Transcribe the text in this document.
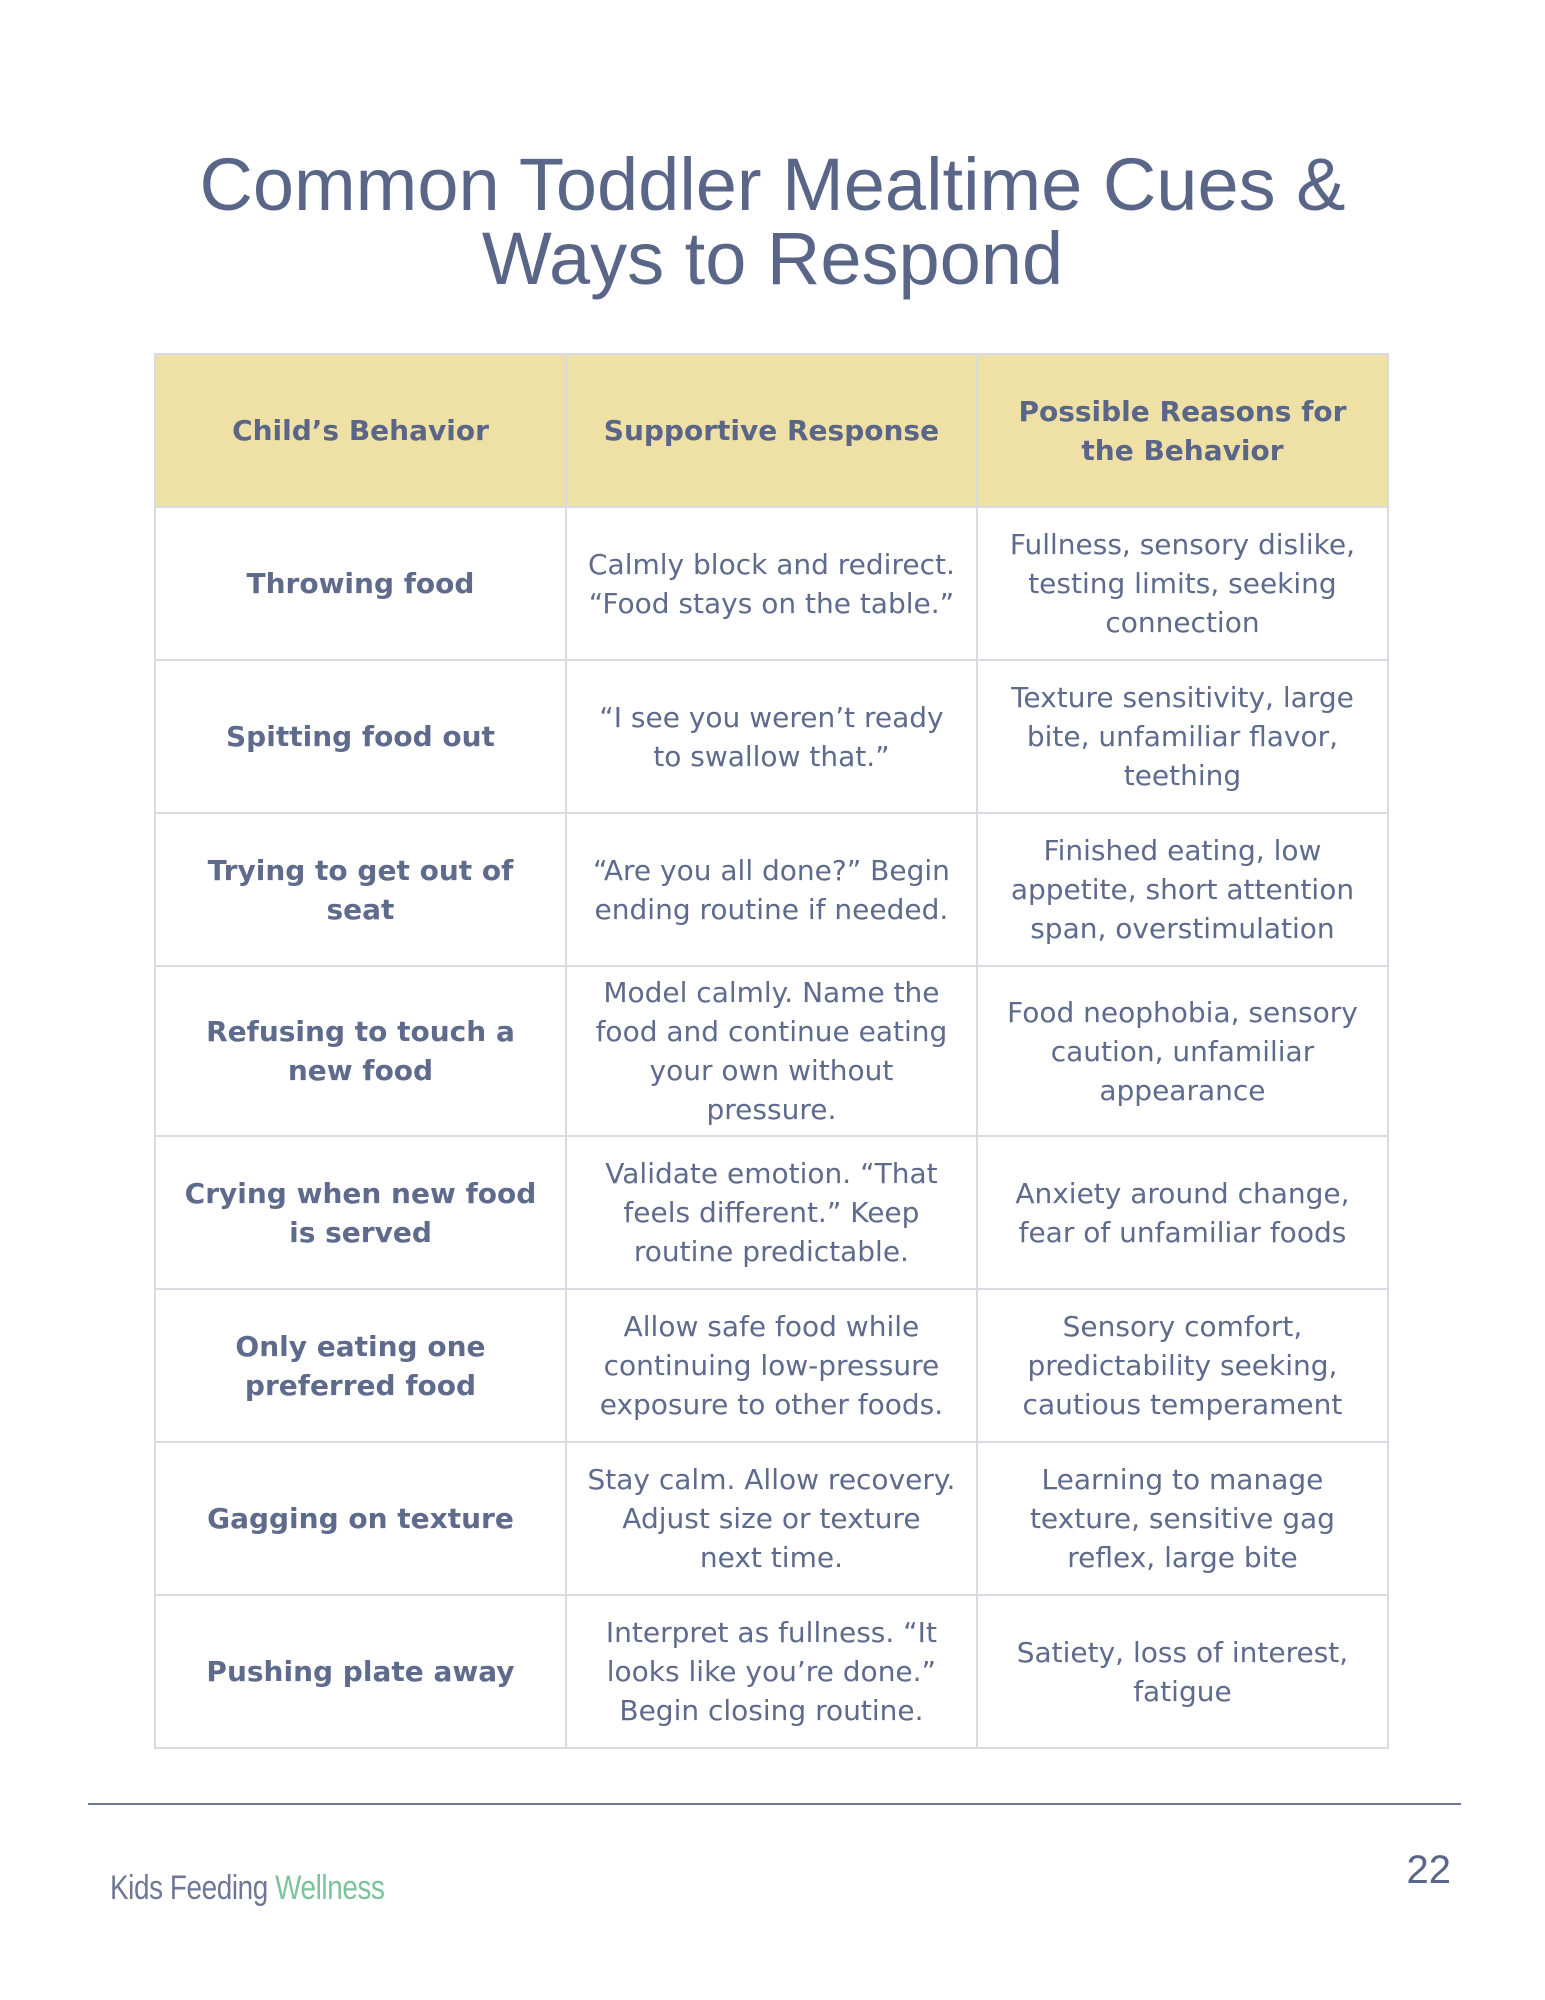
Common Toddler Mealtime Cues &
Ways to Respond
Child’s Behavior	Supportive Response	Possible Reasons for the Behavior
Throwing food	Calmly block and redirect. “Food stays on the table.”	Fullness, sensory dislike, testing limits, seeking connection
Spitting food out	“I see you weren’t ready to swallow that.”	Texture sensitivity, large bite, unfamiliar flavor, teething
Trying to get out of seat	“Are you all done?” Begin ending routine if needed.	Finished eating, low appetite, short attention span, overstimulation
Refusing to touch a new food	Model calmly. Name the food and continue eating your own without pressure.	Food neophobia, sensory caution, unfamiliar appearance
Crying when new food is served	Validate emotion. “That feels different.” Keep routine predictable.	Anxiety around change, fear of unfamiliar foods
Only eating one preferred food	Allow safe food while continuing low-pressure exposure to other foods.	Sensory comfort, predictability seeking, cautious temperament
Gagging on texture	Stay calm. Allow recovery. Adjust size or texture next time.	Learning to manage texture, sensitive gag reflex, large bite
Pushing plate away	Interpret as fullness. “It looks like you’re done.” Begin closing routine.	Satiety, loss of interest, fatigue
Kids Feeding Wellness	22
